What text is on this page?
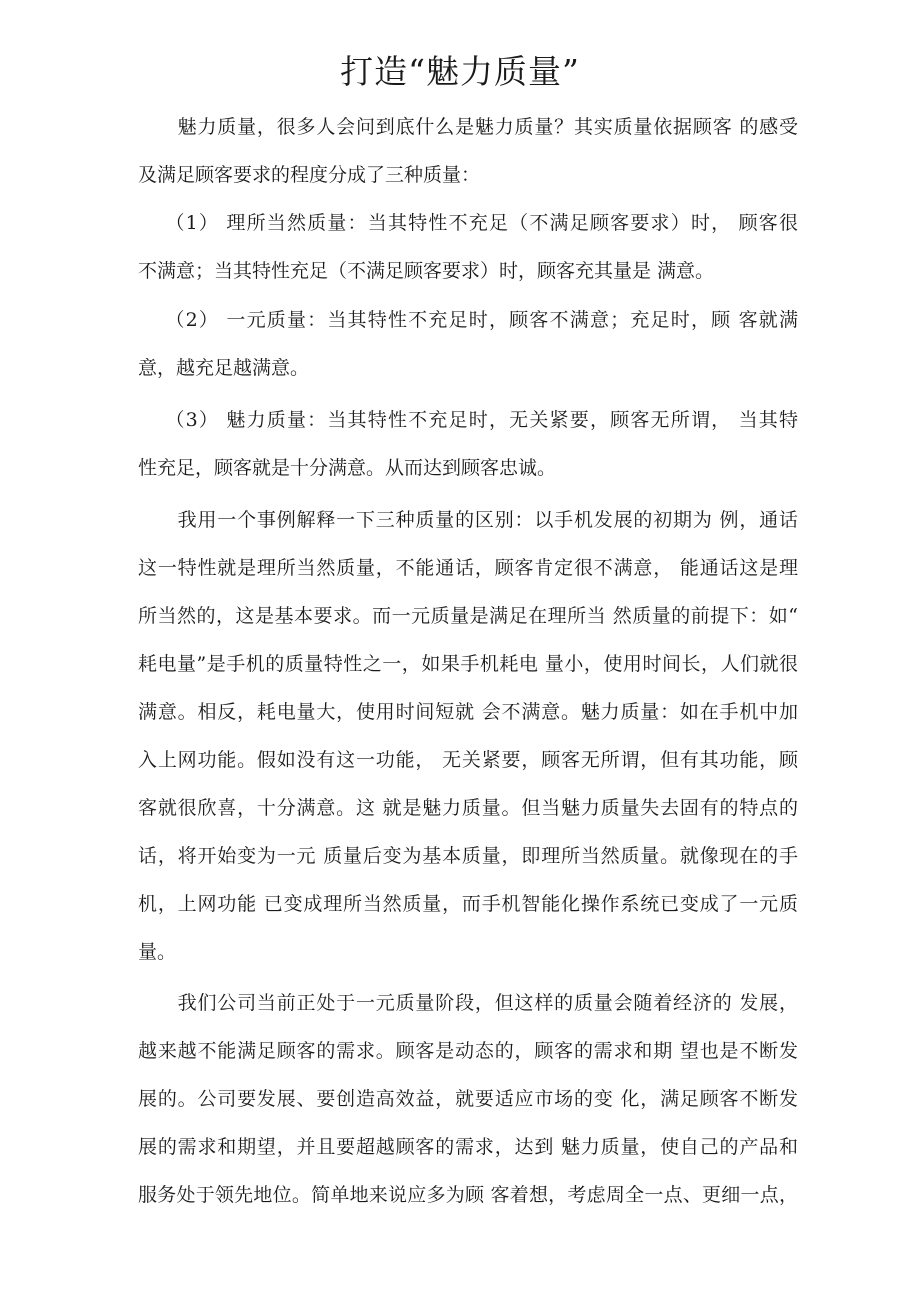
打造“魅力质量”

　　魅力质量，很多人会问到底什么是魅力质量？其实质量依据顾客 的感受

及满足顾客要求的程度分成了三种质量：

　 （1） 理所当然质量：当其特性不充足（不满足顾客要求）时， 顾客很

不满意；当其特性充足（不满足顾客要求）时，顾客充其量是 满意。

　 （2） 一元质量：当其特性不充足时，顾客不满意；充足时，顾 客就满

意，越充足越满意。

　 （3） 魅力质量：当其特性不充足时，无关紧要，顾客无所谓， 当其特

性充足，顾客就是十分满意。从而达到顾客忠诚。

　　我用一个事例解释一下三种质量的区别：以手机发展的初期为 例，通话

这一特性就是理所当然质量，不能通话，顾客肯定很不满意， 能通话这是理

所当然的，这是基本要求。而一元质量是满足在理所当 然质量的前提下：如“

耗电量”是手机的质量特性之一，如果手机耗电 量小，使用时间长，人们就很

满意。相反，耗电量大，使用时间短就 会不满意。魅力质量：如在手机中加

入上网功能。假如没有这一功能， 无关紧要，顾客无所谓，但有其功能，顾

客就很欣喜，十分满意。这 就是魅力质量。但当魅力质量失去固有的特点的

话，将开始变为一元 质量后变为基本质量，即理所当然质量。就像现在的手

机，上网功能 已变成理所当然质量，而手机智能化操作系统已变成了一元质

量。

　　我们公司当前正处于一元质量阶段，但这样的质量会随着经济的 发展，

越来越不能满足顾客的需求。顾客是动态的，顾客的需求和期 望也是不断发

展的。公司要发展、要创造高效益，就要适应市场的变 化，满足顾客不断发

展的需求和期望，并且要超越顾客的需求，达到 魅力质量，使自己的产品和

服务处于领先地位。简单地来说应多为顾 客着想，考虑周全一点、更细一点，
